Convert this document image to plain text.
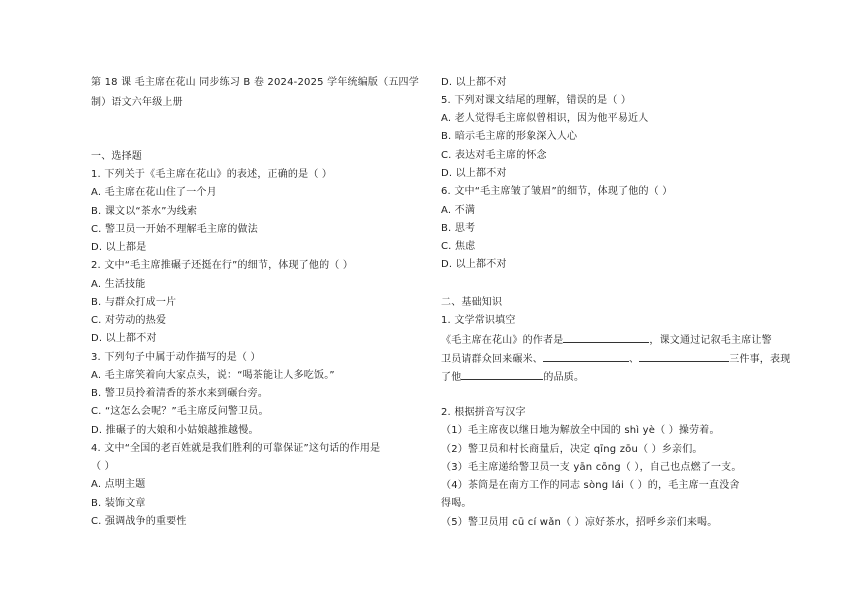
第 18 课 毛主席在花山 同步练习 B 卷 2024-2025 学年统编版（五四学
制）语文六年级上册
一、选择题
1. 下列关于《毛主席在花山》的表述，正确的是（ ）
A. 毛主席在花山住了一个月
B. 课文以“茶水”为线索
C. 警卫员一开始不理解毛主席的做法
D. 以上都是
2. 文中“毛主席推碾子还挺在行”的细节，体现了他的（ ）
A. 生活技能
B. 与群众打成一片
C. 对劳动的热爱
D. 以上都不对
3. 下列句子中属于动作描写的是（ ）
A. 毛主席笑着向大家点头，说：“喝茶能让人多吃饭。”
B. 警卫员拎着清香的茶水来到碾台旁。
C. “这怎么会呢？”毛主席反问警卫员。
D. 推碾子的大娘和小姑娘越推越慢。
4. 文中“全国的老百姓就是我们胜利的可靠保证”这句话的作用是
（ ）
A. 点明主题
B. 装饰文章
C. 强调战争的重要性
D. 以上都不对
5. 下列对课文结尾的理解，错误的是（ ）
A. 老人觉得毛主席似曾相识，因为他平易近人
B. 暗示毛主席的形象深入人心
C. 表达对毛主席的怀念
D. 以上都不对
6. 文中“毛主席皱了皱眉”的细节，体现了他的（ ）
A. 不满
B. 思考
C. 焦虑
D. 以上都不对
二、基础知识
1. 文学常识填空
《毛主席在花山》的作者是	，课文通过记叙毛主席让警
卫员请群众回来碾米、	、	三件事，表现
了他	的品质。
2. 根据拼音写汉字
（1）毛主席夜以继日地为解放全中国的 shì yè（ ）操劳着。
（2）警卫员和村长商量后，决定 qīng zōu（ ）乡亲们。
（3）毛主席递给警卫员一支 yān cōng（ ），自己也点燃了一支。
（4）茶筒是在南方工作的同志 sòng lái（ ）的，毛主席一直没舍
得喝。
（5）警卫员用 cū cí wǎn（ ）凉好茶水，招呼乡亲们来喝。
